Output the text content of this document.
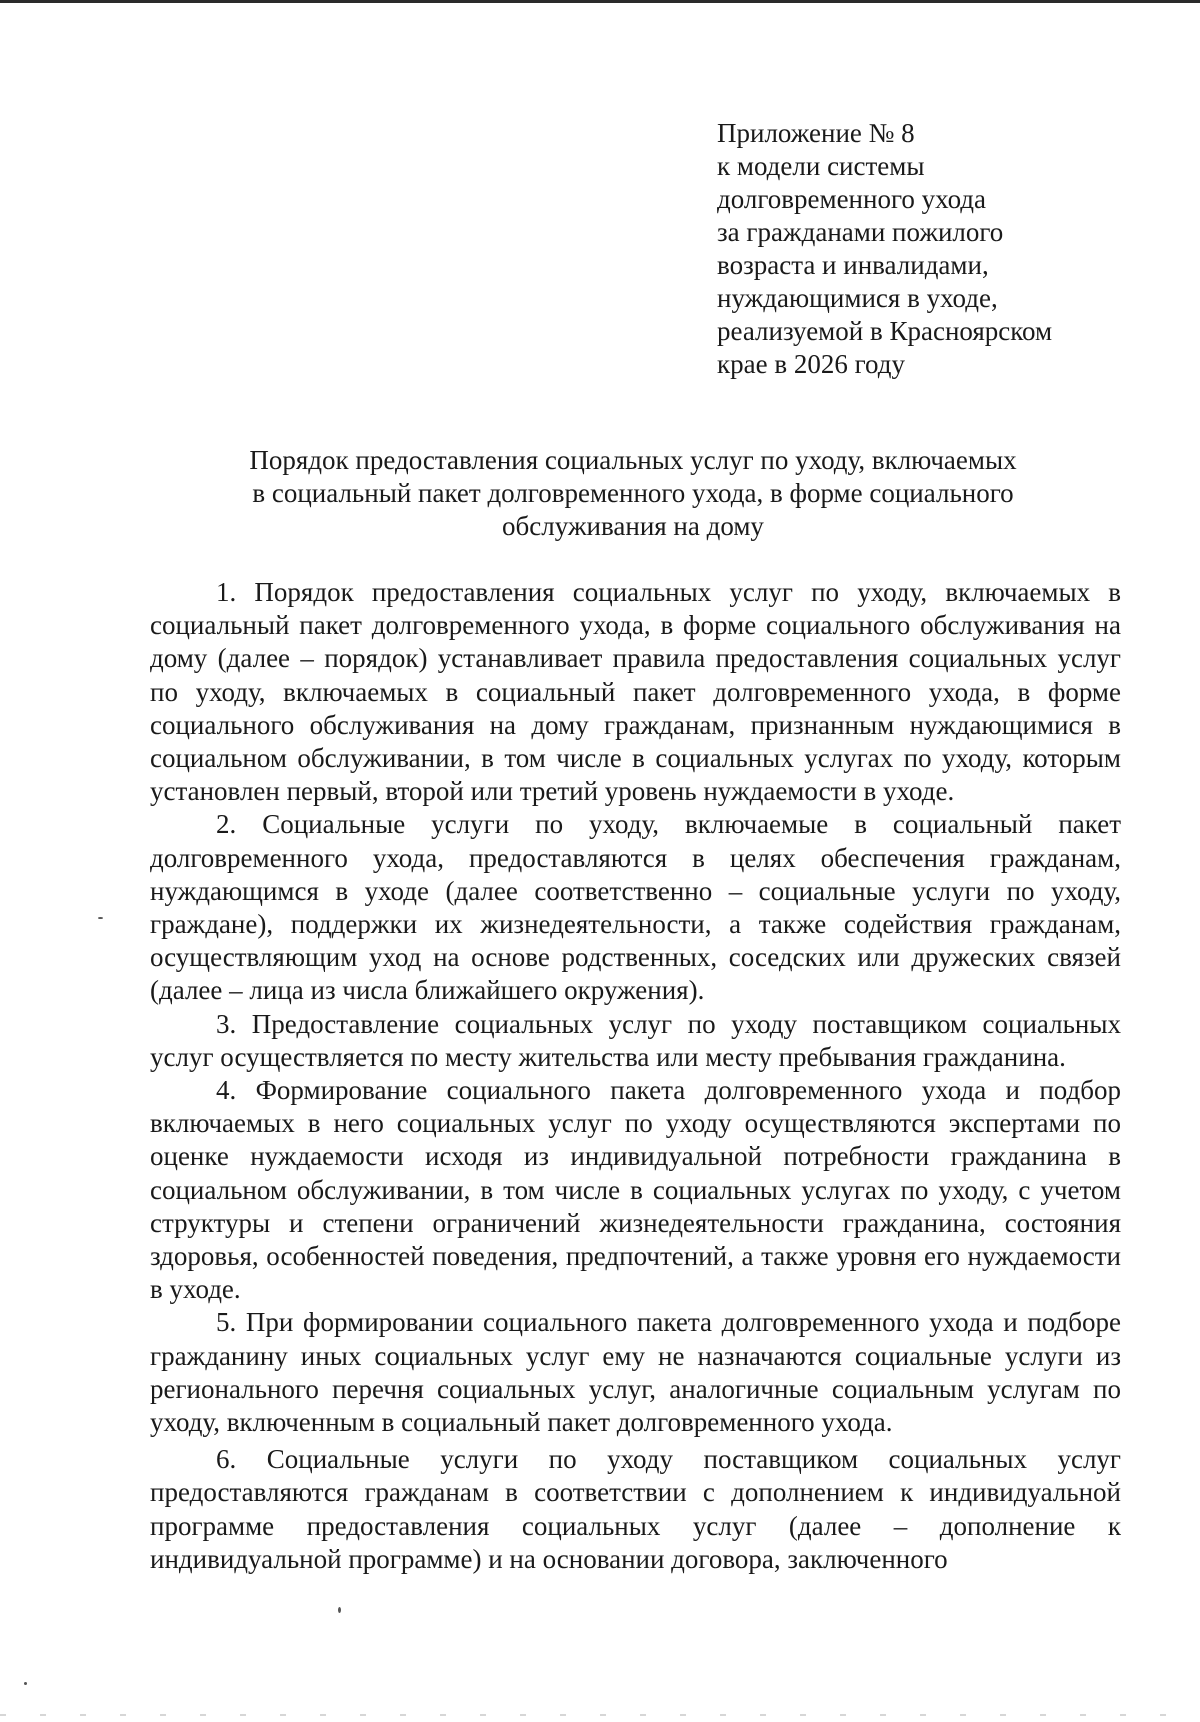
Приложение № 8
к модели системы
долговременного ухода
за гражданами пожилого
возраста и инвалидами,
нуждающимися в уходе,
реализуемой в Красноярском
крае в 2026 году
Порядок предоставления социальных услуг по уходу, включаемых
в социальный пакет долговременного ухода, в форме социального
обслуживания на дому

1. Порядок предоставления социальных услуг по уходу, включаемых в социальный пакет долговременного ухода, в форме социального обслуживания на дому (далее – порядок) устанавливает правила предоставления социальных услуг по уходу, включаемых в социальный пакет долговременного ухода, в форме социального обслуживания на дому гражданам, признанным нуждающимися в социальном обслуживании, в том числе в социальных услугах по уходу, которым установлен первый, второй или третий уровень нуждаемости в уходе.

2. Социальные услуги по уходу, включаемые в социальный пакет долговременного ухода, предоставляются в целях обеспечения гражданам, нуждающимся в уходе (далее соответственно – социальные услуги по уходу, граждане), поддержки их жизнедеятельности, а также содействия гражданам, осуществляющим уход на основе родственных, соседских или дружеских связей (далее – лица из числа ближайшего окружения).

3. Предоставление социальных услуг по уходу поставщиком социальных услуг осуществляется по месту жительства или месту пребывания гражданина.

4. Формирование социального пакета долговременного ухода и подбор включаемых в него социальных услуг по уходу осуществляются экспертами по оценке нуждаемости исходя из индивидуальной потребности гражданина в социальном обслуживании, в том числе в социальных услугах по уходу, с учетом структуры и степени ограничений жизнедеятельности гражданина, состояния здоровья, особенностей поведения, предпочтений, а также уровня его нуждаемости в уходе.

5. При формировании социального пакета долговременного ухода и подборе гражданину иных социальных услуг ему не назначаются социальные услуги из регионального перечня социальных услуг, аналогичные социальным услугам по уходу, включенным в социальный пакет долговременного ухода.

6. Социальные услуги по уходу поставщиком социальных услуг предоставляются гражданам в соответствии с дополнением к индивидуальной программе предоставления социальных услуг (далее – дополнение к индивидуальной программе) и на основании договора, заключенного
